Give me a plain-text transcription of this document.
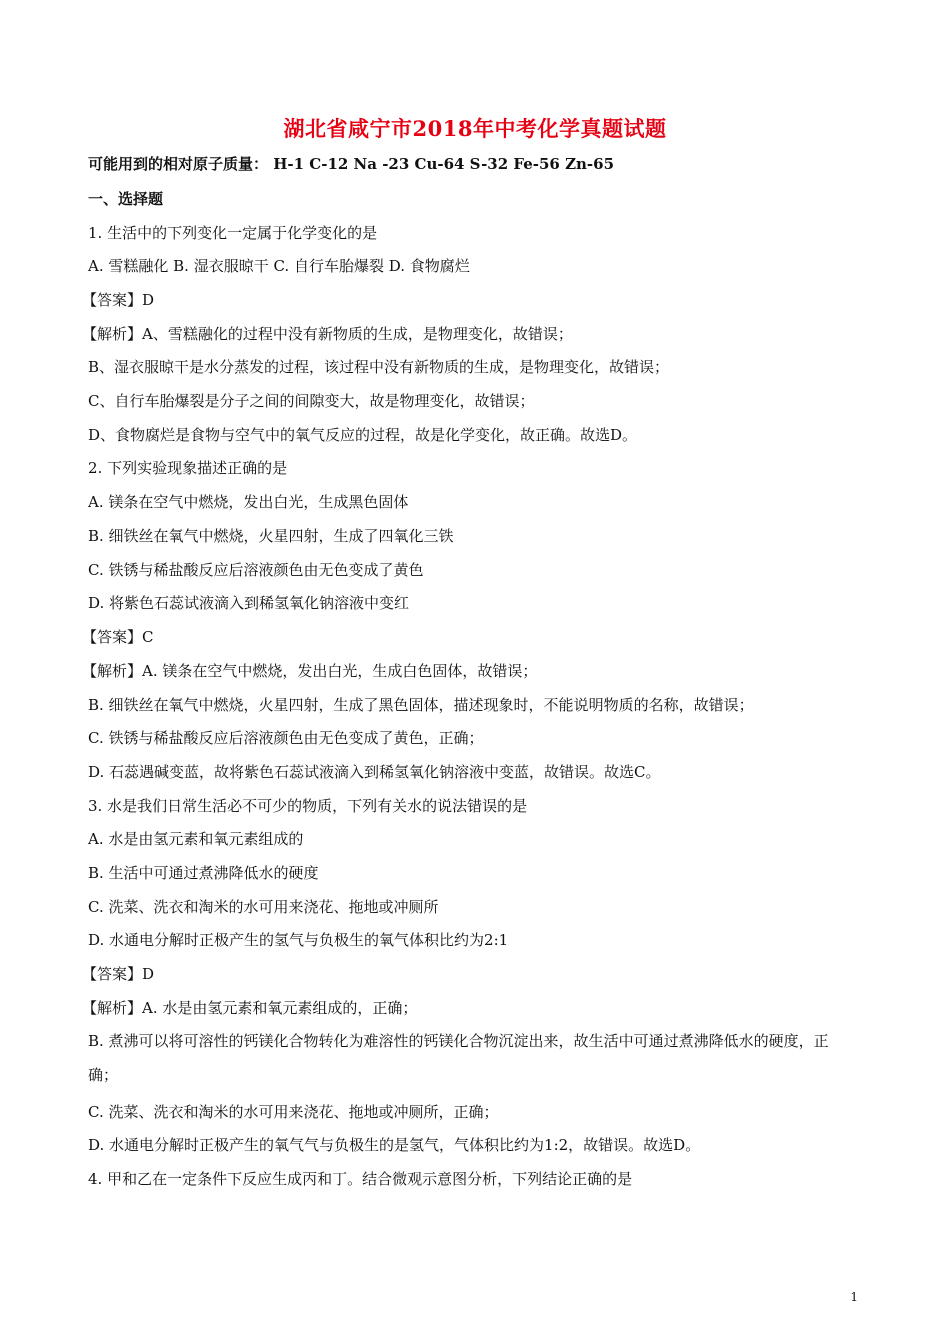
湖北省咸宁市2018年中考化学真题试题
可能用到的相对原子质量： H-1 C-12 Na -23 Cu-64 S-32 Fe-56 Zn-65
一、选择题
1. 生活中的下列变化一定属于化学变化的是
A. 雪糕融化 B. 湿衣服晾干 C. 自行车胎爆裂 D. 食物腐烂
【答案】D
【解析】A、雪糕融化的过程中没有新物质的生成，是物理变化，故错误；
B、湿衣服晾干是水分蒸发的过程，该过程中没有新物质的生成，是物理变化，故错误；
C、自行车胎爆裂是分子之间的间隙变大，故是物理变化，故错误；
D、食物腐烂是食物与空气中的氧气反应的过程，故是化学变化，故正确。故选D。
2. 下列实验现象描述正确的是
A. 镁条在空气中燃烧，发出白光，生成黑色固体
B. 细铁丝在氧气中燃烧，火星四射，生成了四氧化三铁
C. 铁锈与稀盐酸反应后溶液颜色由无色变成了黄色
D. 将紫色石蕊试液滴入到稀氢氧化钠溶液中变红
【答案】C
【解析】A. 镁条在空气中燃烧，发出白光，生成白色固体，故错误；
B. 细铁丝在氧气中燃烧，火星四射，生成了黑色固体，描述现象时，不能说明物质的名称，故错误；
C. 铁锈与稀盐酸反应后溶液颜色由无色变成了黄色，正确；
D. 石蕊遇碱变蓝，故将紫色石蕊试液滴入到稀氢氧化钠溶液中变蓝，故错误。故选C。
3. 水是我们日常生活必不可少的物质，下列有关水的说法错误的是
A. 水是由氢元素和氧元素组成的
B. 生活中可通过煮沸降低水的硬度
C. 洗菜、洗衣和淘米的水可用来浇花、拖地或冲厕所
D. 水通电分解时正极产生的氢气与负极生的氧气体积比约为2:1
【答案】D
【解析】A. 水是由氢元素和氧元素组成的，正确；
B. 煮沸可以将可溶性的钙镁化合物转化为难溶性的钙镁化合物沉淀出来，故生活中可通过煮沸降低水的硬度，正确；
C. 洗菜、洗衣和淘米的水可用来浇花、拖地或冲厕所，正确；
D. 水通电分解时正极产生的氧气气与负极生的是氢气，气体积比约为1:2，故错误。故选D。
4. 甲和乙在一定条件下反应生成丙和丁。结合微观示意图分析，下列结论正确的是
1
